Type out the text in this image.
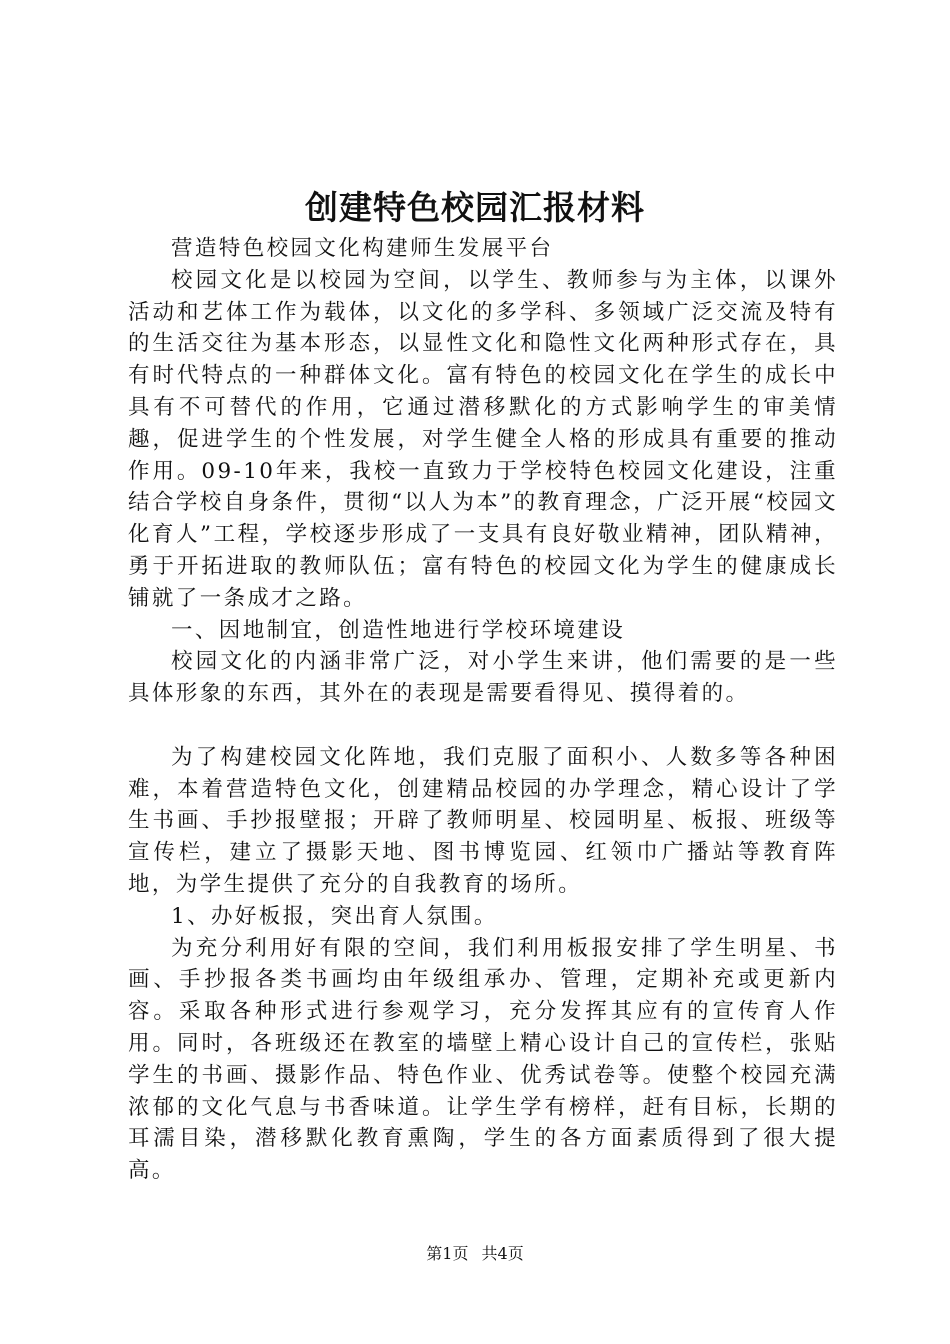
创建特色校园汇报材料

营造特色校园文化构建师生发展平台

校园文化是以校园为空间，以学生、教师参与为主体，以课外活动和艺体工作为载体，以文化的多学科、多领域广泛交流及特有的生活交往为基本形态，以显性文化和隐性文化两种形式存在，具有时代特点的一种群体文化。富有特色的校园文化在学生的成长中具有不可替代的作用，它通过潜移默化的方式影响学生的审美情趣，促进学生的个性发展，对学生健全人格的形成具有重要的推动作用。09-10年来，我校一直致力于学校特色校园文化建设，注重结合学校自身条件，贯彻“以人为本”的教育理念，广泛开展“校园文化育人”工程，学校逐步形成了一支具有良好敬业精神，团队精神，勇于开拓进取的教师队伍；富有特色的校园文化为学生的健康成长铺就了一条成才之路。

一、因地制宜，创造性地进行学校环境建设

校园文化的内涵非常广泛，对小学生来讲，他们需要的是一些具体形象的东西，其外在的表现是需要看得见、摸得着的。

为了构建校园文化阵地，我们克服了面积小、人数多等各种困难，本着营造特色文化，创建精品校园的办学理念，精心设计了学生书画、手抄报壁报；开辟了教师明星、校园明星、板报、班级等宣传栏，建立了摄影天地、图书博览园、红领巾广播站等教育阵地，为学生提供了充分的自我教育的场所。

1、办好板报，突出育人氛围。

为充分利用好有限的空间，我们利用板报安排了学生明星、书画、手抄报各类书画均由年级组承办、管理，定期补充或更新内容。采取各种形式进行参观学习，充分发挥其应有的宣传育人作用。同时，各班级还在教室的墙壁上精心设计自己的宣传栏，张贴学生的书画、摄影作品、特色作业、优秀试卷等。使整个校园充满浓郁的文化气息与书香味道。让学生学有榜样，赶有目标，长期的耳濡目染，潜移默化教育熏陶，学生的各方面素质得到了很大提高。

第1页 共4页
